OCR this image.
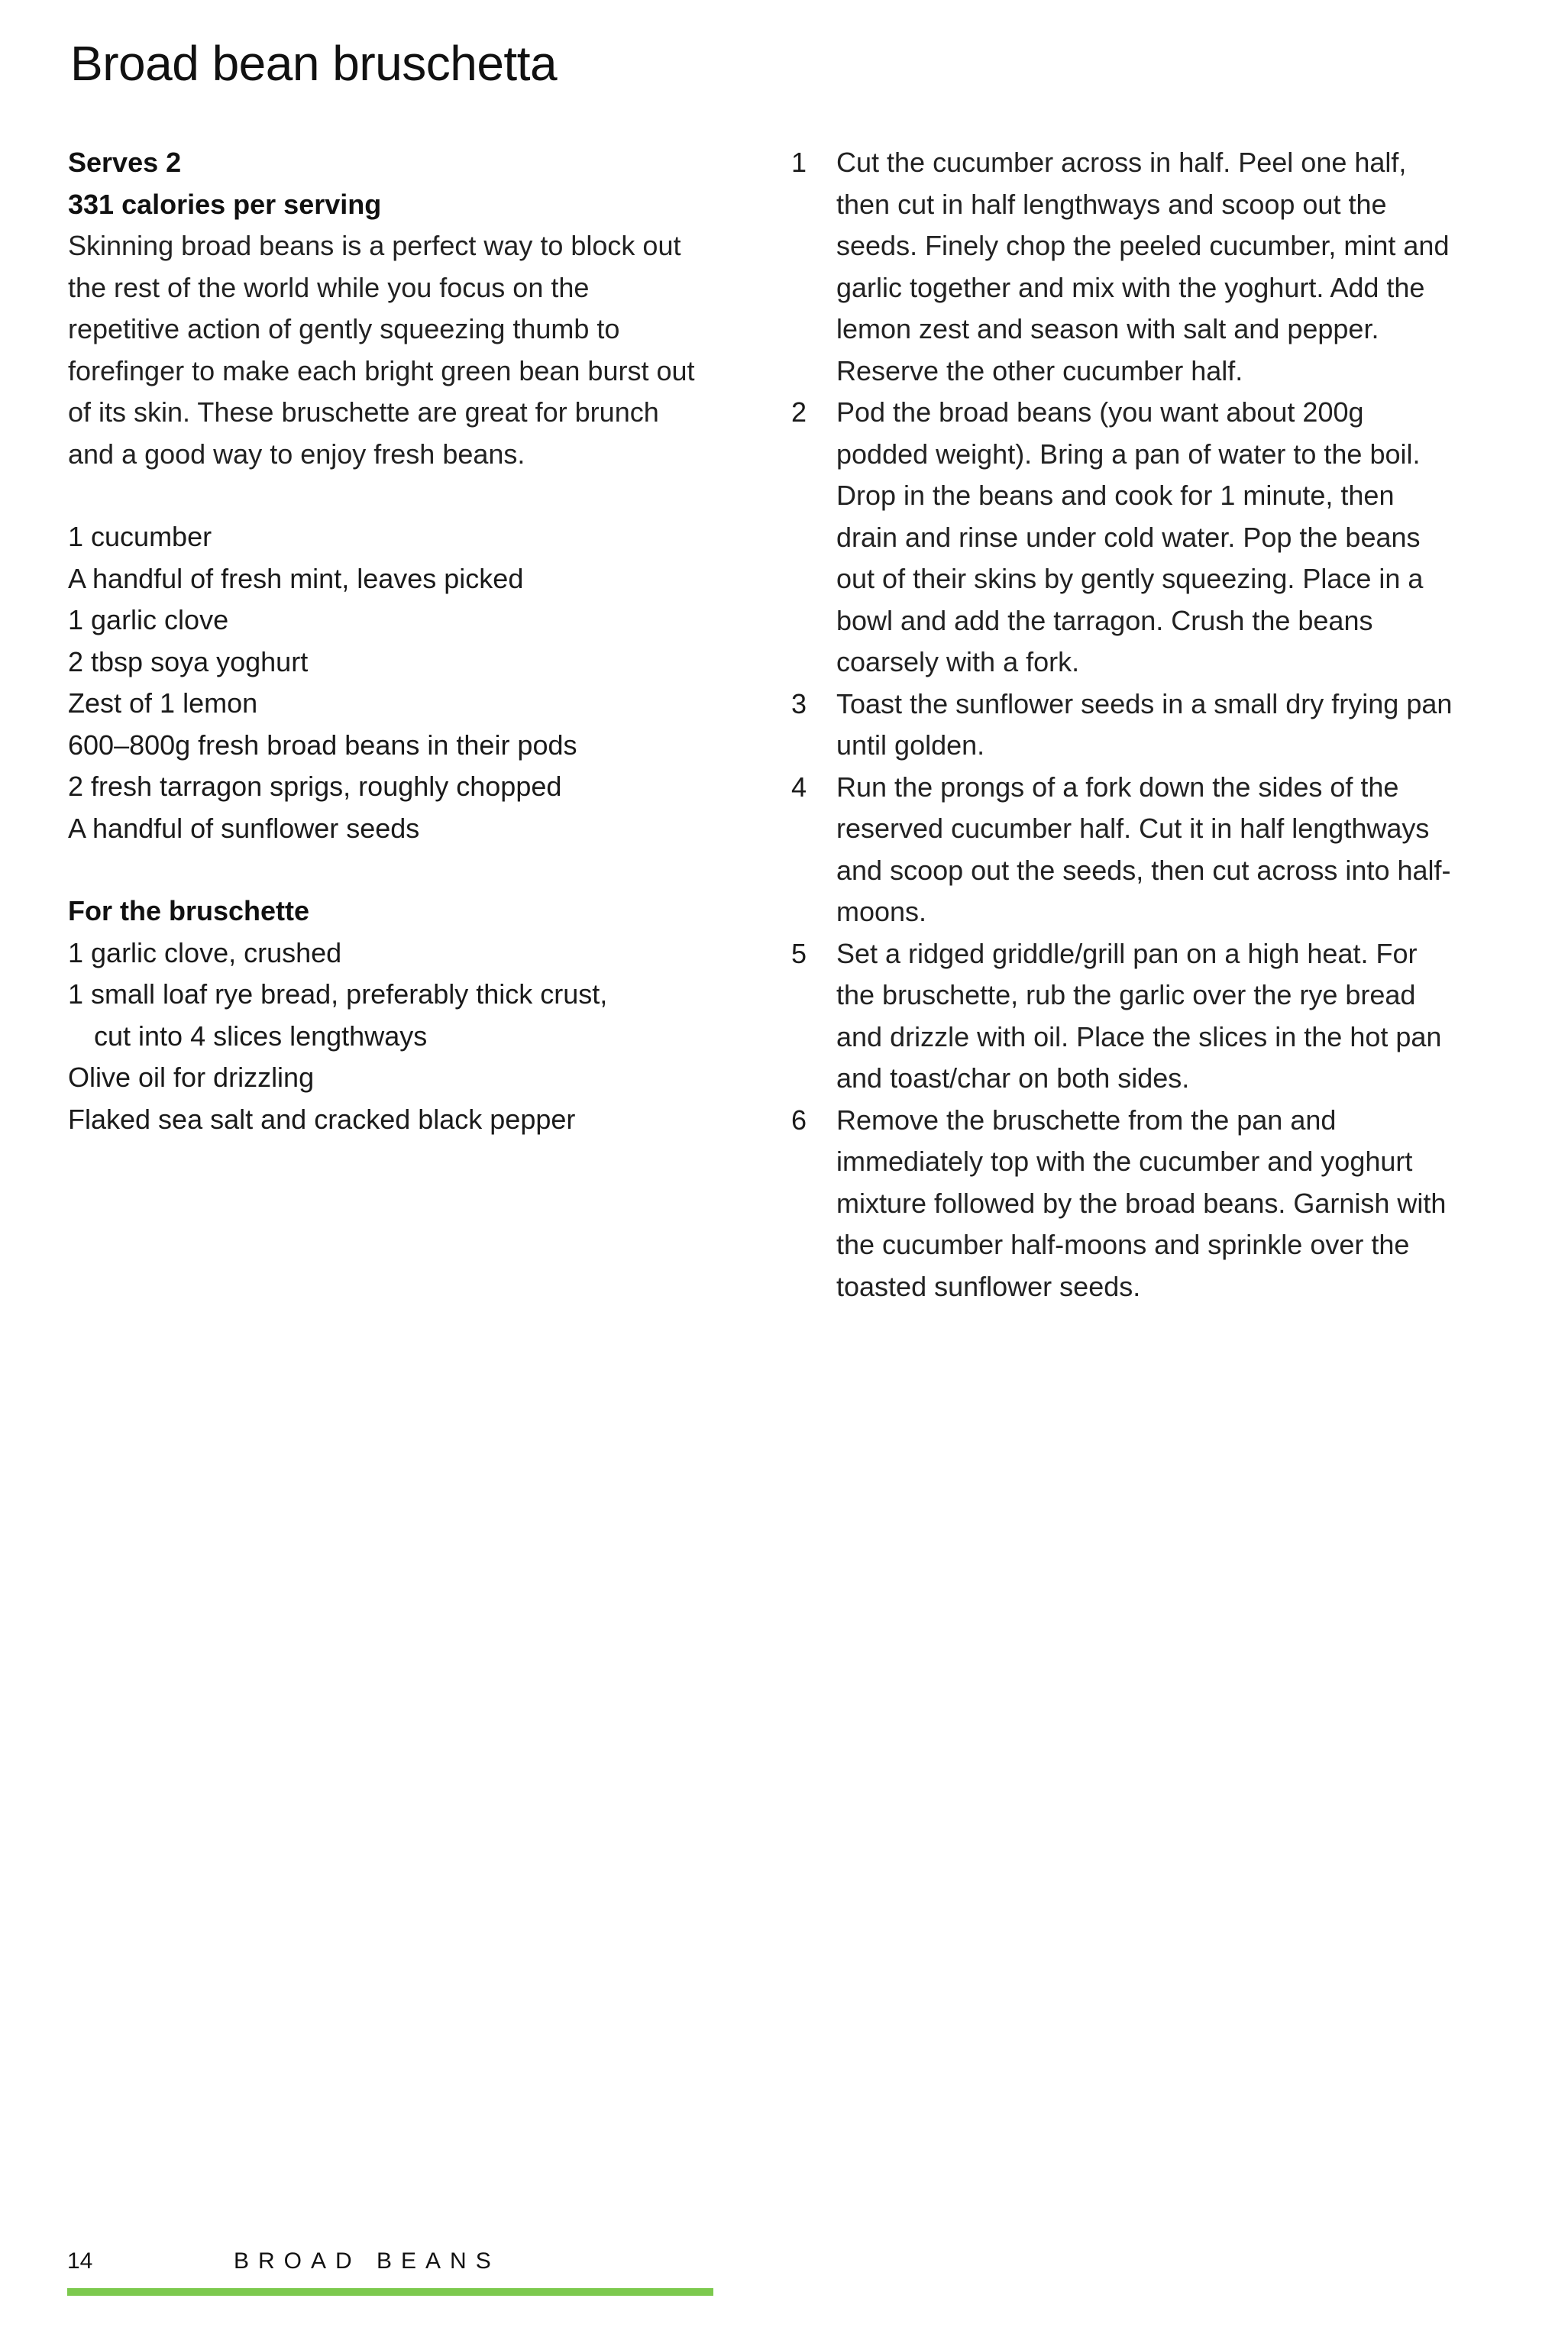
Broad bean bruschetta

Serves 2

331 calories per serving

Skinning broad beans is a perfect way to block out the rest of the world while you focus on the repetitive action of gently squeezing thumb to forefinger to make each bright green bean burst out of its skin. These bruschette are great for brunch and a good way to enjoy fresh beans.

1 cucumber
A handful of fresh mint, leaves picked
1 garlic clove
2 tbsp soya yoghurt
Zest of 1 lemon
600–800g fresh broad beans in their pods
2 fresh tarragon sprigs, roughly chopped
A handful of sunflower seeds

For the bruschette

1 garlic clove, crushed
1 small loaf rye bread, preferably thick crust,
cut into 4 slices lengthways
Olive oil for drizzling
Flaked sea salt and cracked black pepper
1	Cut the cucumber across in half. Peel one half, then cut in half lengthways and scoop out the seeds. Finely chop the peeled cucumber, mint and garlic together and mix with the yoghurt. Add the lemon zest and season with salt and pepper. Reserve the other cucumber half.
2	Pod the broad beans (you want about 200g podded weight). Bring a pan of water to the boil. Drop in the beans and cook for 1 minute, then drain and rinse under cold water. Pop the beans out of their skins by gently squeezing. Place in a bowl and add the tarragon. Crush the beans coarsely with a fork.
3	Toast the sunflower seeds in a small dry frying pan until golden.
4	Run the prongs of a fork down the sides of the reserved cucumber half. Cut it in half lengthways and scoop out the seeds, then cut across into half-moons.
5	Set a ridged griddle/grill pan on a high heat. For the bruschette, rub the garlic over the rye bread and drizzle with oil. Place the slices in the hot pan and toast/char on both sides.
6	Remove the bruschette from the pan and immediately top with the cucumber and yoghurt mixture followed by the broad beans. Garnish with the cucumber half-moons and sprinkle over the toasted sunflower seeds.
14	BROAD BEANS
